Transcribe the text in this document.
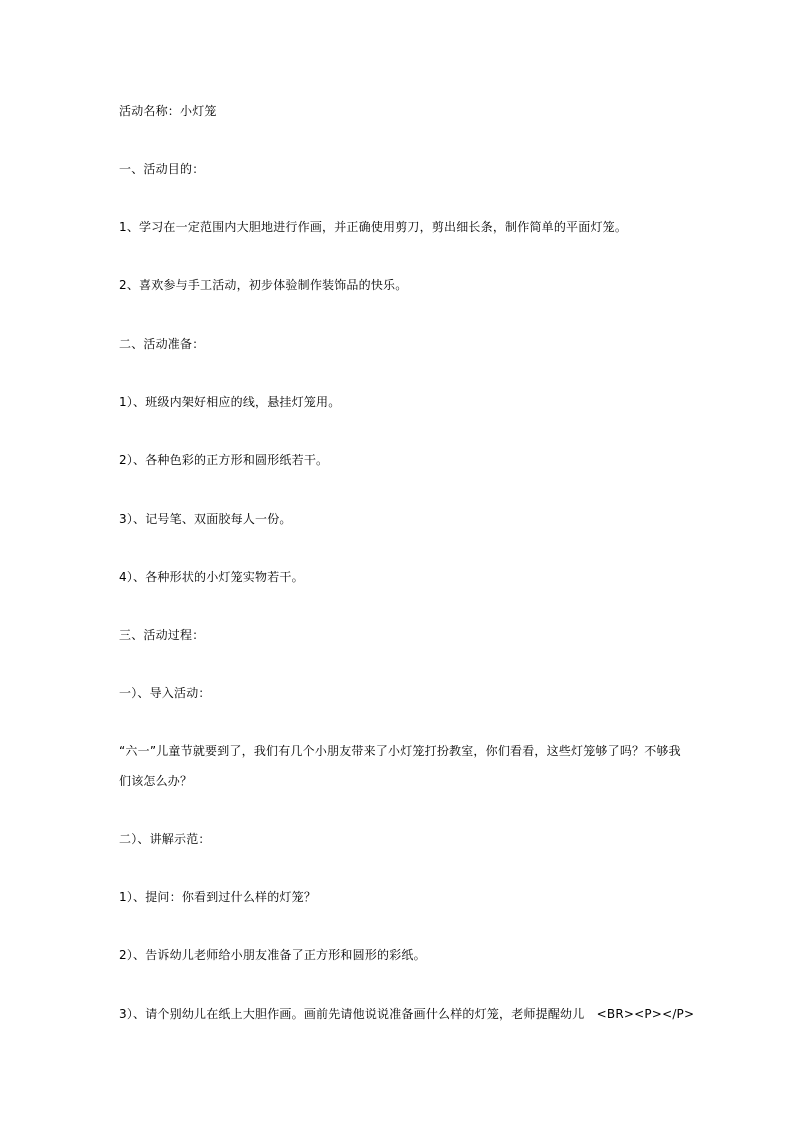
活动名称：小灯笼
一、活动目的：
1、学习在一定范围内大胆地进行作画，并正确使用剪刀，剪出细长条，制作简单的平面灯笼。
2、喜欢参与手工活动，初步体验制作装饰品的快乐。
二、活动准备：
1）、班级内架好相应的线，悬挂灯笼用。
2）、各种色彩的正方形和圆形纸若干。
3）、记号笔、双面胶每人一份。
4）、各种形状的小灯笼实物若干。
三、活动过程：
一）、导入活动：
“六一”儿童节就要到了，我们有几个小朋友带来了小灯笼打扮教室，你们看看，这些灯笼够了吗？不够我
们该怎么办？
二）、讲解示范：
1）、提问：你看到过什么样的灯笼？
2）、告诉幼儿老师给小朋友准备了正方形和圆形的彩纸。
3）、请个别幼儿在纸上大胆作画。画前先请他说说准备画什么样的灯笼，老师提醒幼儿　<BR><P></P>
